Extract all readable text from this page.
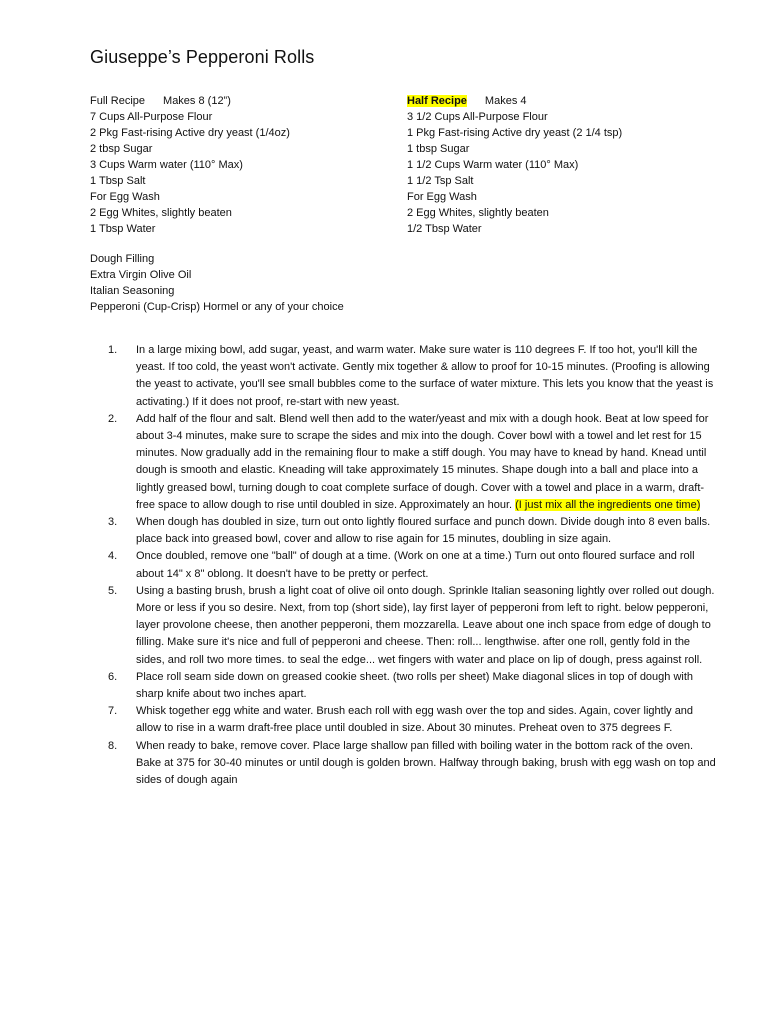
Giuseppe’s Pepperoni Rolls
Full Recipe Makes 8 (12”)
7 Cups All-Purpose Flour
2 Pkg Fast-rising Active dry yeast (1/4oz)
2 tbsp Sugar
3 Cups Warm water (110° Max)
1 Tbsp Salt
For Egg Wash
2 Egg Whites, slightly beaten
1 Tbsp Water
Half Recipe Makes 4
3 1/2 Cups All-Purpose Flour
1 Pkg Fast-rising Active dry yeast (2 1/4 tsp)
1 tbsp Sugar
1 1/2 Cups Warm water (110° Max)
1 1/2 Tsp Salt
For Egg Wash
2 Egg Whites, slightly beaten
1/2 Tbsp Water
Dough Filling
Extra Virgin Olive Oil
Italian Seasoning
Pepperoni (Cup-Crisp) Hormel or any of your choice
In a large mixing bowl, add sugar, yeast, and warm water. Make sure water is 110 degrees F. If too hot, you'll kill the yeast. If too cold, the yeast won't activate. Gently mix together & allow to proof for 10-15 minutes. (Proofing is allowing the yeast to activate, you'll see small bubbles come to the surface of water mixture. This lets you know that the yeast is activating.) If it does not proof, re-start with new yeast.
Add half of the flour and salt. Blend well then add to the water/yeast and mix with a dough hook. Beat at low speed for about 3-4 minutes, make sure to scrape the sides and mix into the dough. Cover bowl with a towel and let rest for 15 minutes. Now gradually add in the remaining flour to make a stiff dough. You may have to knead by hand. Knead until dough is smooth and elastic. Kneading will take approximately 15 minutes. Shape dough into a ball and place into a lightly greased bowl, turning dough to coat complete surface of dough. Cover with a towel and place in a warm, draft-free space to allow dough to rise until doubled in size. Approximately an hour. (I just mix all the ingredients one time)
When dough has doubled in size, turn out onto lightly floured surface and punch down. Divide dough into 8 even balls. place back into greased bowl, cover and allow to rise again for 15 minutes, doubling in size again.
Once doubled, remove one "ball" of dough at a time. (Work on one at a time.) Turn out onto floured surface and roll about 14" x 8" oblong. It doesn't have to be pretty or perfect.
Using a basting brush, brush a light coat of olive oil onto dough. Sprinkle Italian seasoning lightly over rolled out dough. More or less if you so desire. Next, from top (short side), lay first layer of pepperoni from left to right. below pepperoni, layer provolone cheese, then another pepperoni, them mozzarella. Leave about one inch space from edge of dough to filling. Make sure it's nice and full of pepperoni and cheese. Then: roll... lengthwise. after one roll, gently fold in the sides, and roll two more times. to seal the edge... wet fingers with water and place on lip of dough, press against roll.
Place roll seam side down on greased cookie sheet. (two rolls per sheet) Make diagonal slices in top of dough with sharp knife about two inches apart.
Whisk together egg white and water. Brush each roll with egg wash over the top and sides. Again, cover lightly and allow to rise in a warm draft-free place until doubled in size. About 30 minutes. Preheat oven to 375 degrees F.
When ready to bake, remove cover. Place large shallow pan filled with boiling water in the bottom rack of the oven. Bake at 375 for 30-40 minutes or until dough is golden brown. Halfway through baking, brush with egg wash on top and sides of dough again
